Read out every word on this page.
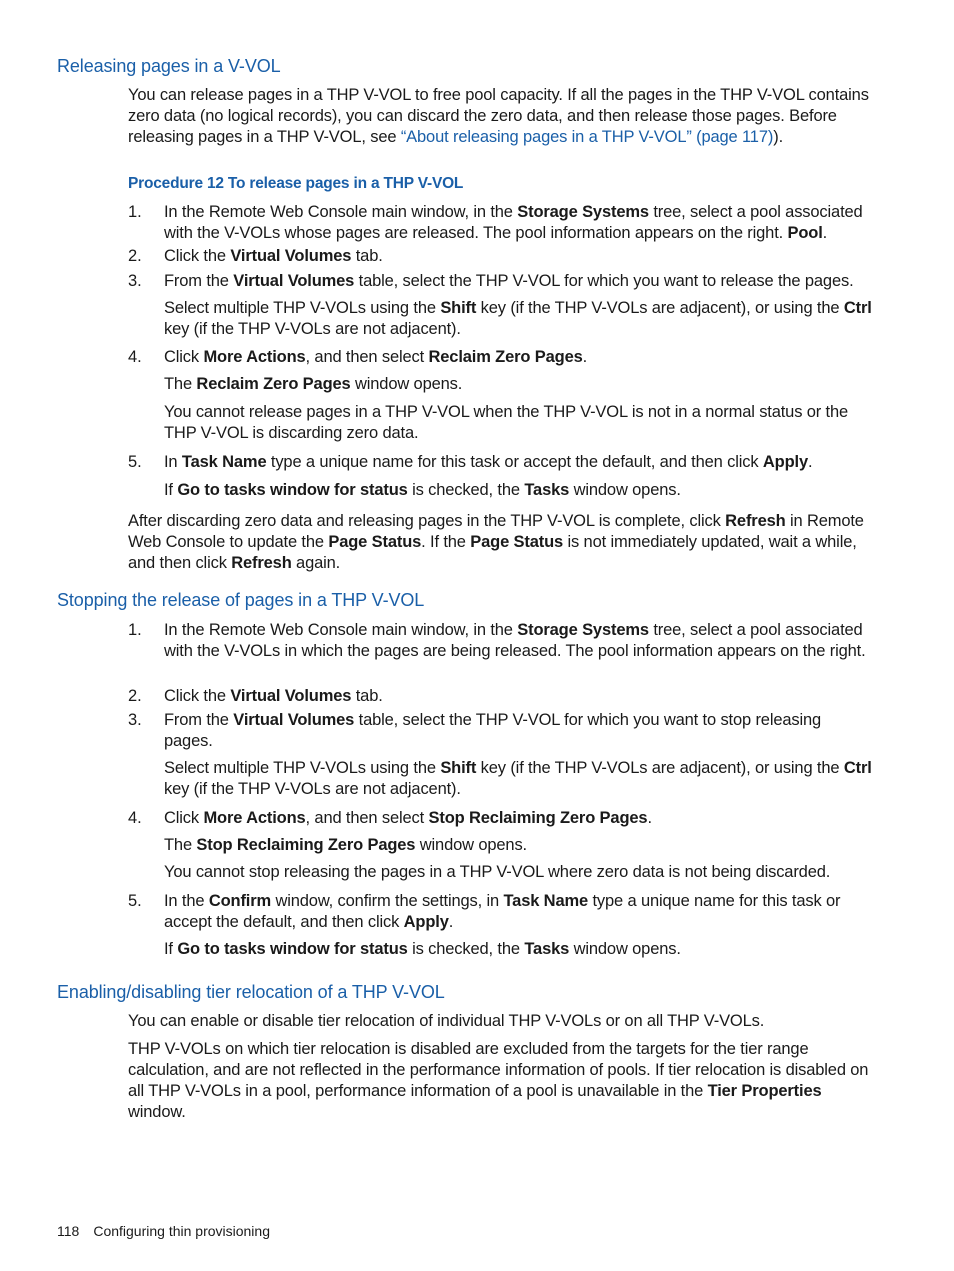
Releasing pages in a V-VOL

You can release pages in a THP V-VOL to free pool capacity. If all the pages in the THP V-VOL contains zero data (no logical records), you can discard the zero data, and then release those pages. Before releasing pages in a THP V-VOL, see “About releasing pages in a THP V-VOL” (page 117)).

Procedure 12 To release pages in a THP V-VOL

1. In the Remote Web Console main window, in the Storage Systems tree, select a pool associated with the V-VOLs whose pages are released. The pool information appears on the right. Pool.

2. Click the Virtual Volumes tab.

3. From the Virtual Volumes table, select the THP V-VOL for which you want to release the pages.

Select multiple THP V-VOLs using the Shift key (if the THP V-VOLs are adjacent), or using the Ctrl key (if the THP V-VOLs are not adjacent).

4. Click More Actions, and then select Reclaim Zero Pages.

The Reclaim Zero Pages window opens.

You cannot release pages in a THP V-VOL when the THP V-VOL is not in a normal status or the THP V-VOL is discarding zero data.

5. In Task Name type a unique name for this task or accept the default, and then click Apply.

If Go to tasks window for status is checked, the Tasks window opens.

After discarding zero data and releasing pages in the THP V-VOL is complete, click Refresh in Remote Web Console to update the Page Status. If the Page Status is not immediately updated, wait a while, and then click Refresh again.

Stopping the release of pages in a THP V-VOL
1. In the Remote Web Console main window, in the Storage Systems tree, select a pool associated with the V-VOLs in which the pages are being released. The pool information appears on the right.

2. Click the Virtual Volumes tab.

3. From the Virtual Volumes table, select the THP V-VOL for which you want to stop releasing pages.

Select multiple THP V-VOLs using the Shift key (if the THP V-VOLs are adjacent), or using the Ctrl key (if the THP V-VOLs are not adjacent).

4. Click More Actions, and then select Stop Reclaiming Zero Pages.

The Stop Reclaiming Zero Pages window opens.

You cannot stop releasing the pages in a THP V-VOL where zero data is not being discarded.

5. In the Confirm window, confirm the settings, in Task Name type a unique name for this task or accept the default, and then click Apply.

If Go to tasks window for status is checked, the Tasks window opens.

Enabling/disabling tier relocation of a THP V-VOL

You can enable or disable tier relocation of individual THP V-VOLs or on all THP V-VOLs.

THP V-VOLs on which tier relocation is disabled are excluded from the targets for the tier range calculation, and are not reflected in the performance information of pools. If tier relocation is disabled on all THP V-VOLs in a pool, performance information of a pool is unavailable in the Tier Properties window.

118 Configuring thin provisioning
